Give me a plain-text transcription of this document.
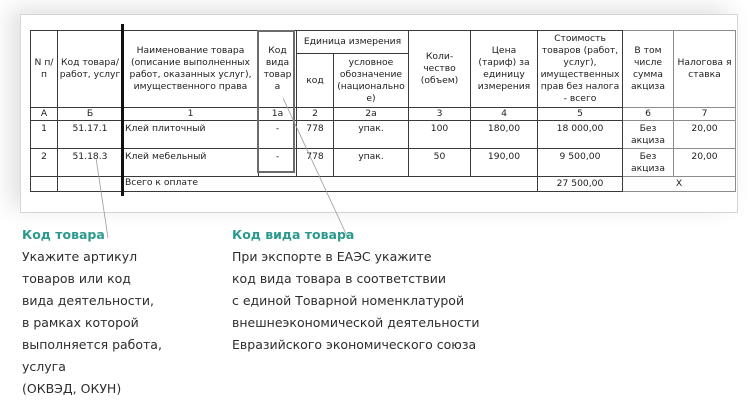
N п/п	Код товара/ работ, услуг	Наименование товара (описание выполненных работ, оказанных услуг), имущественного права	Код вида товар а	Единица измерения		Коли- чество (объем)	Цена (тариф) за единицу измерения	Стоимость товаров (работ, услуг), имущественных прав без налога - всего	В том числе сумма акциза	Налогова я ставка
				код	условное обозначение (национально е)					
А	Б	1	1а	2	2а	3	4	5	6	7
1	51.17.1	Клей плиточный	-	778	упак.	100	180,00	18 000,00	Без акциза	20,00
2	51.18.3	Клей мебельный	-	778	упак.	50	190,00	9 500,00	Без акциза	20,00
		Всего к оплате						27 500,00	Х	
Код товара
Укажите артикул
товаров или код
вида деятельности,
в рамках которой
выполняется работа,
услуга
(ОКВЭД, ОКУН)
Код вида товара
При экспорте в ЕАЭС укажите
код вида товара в соответствии
с единой Товарной номенклатурой
внешнеэкономической деятельности
Евразийского экономического союза
